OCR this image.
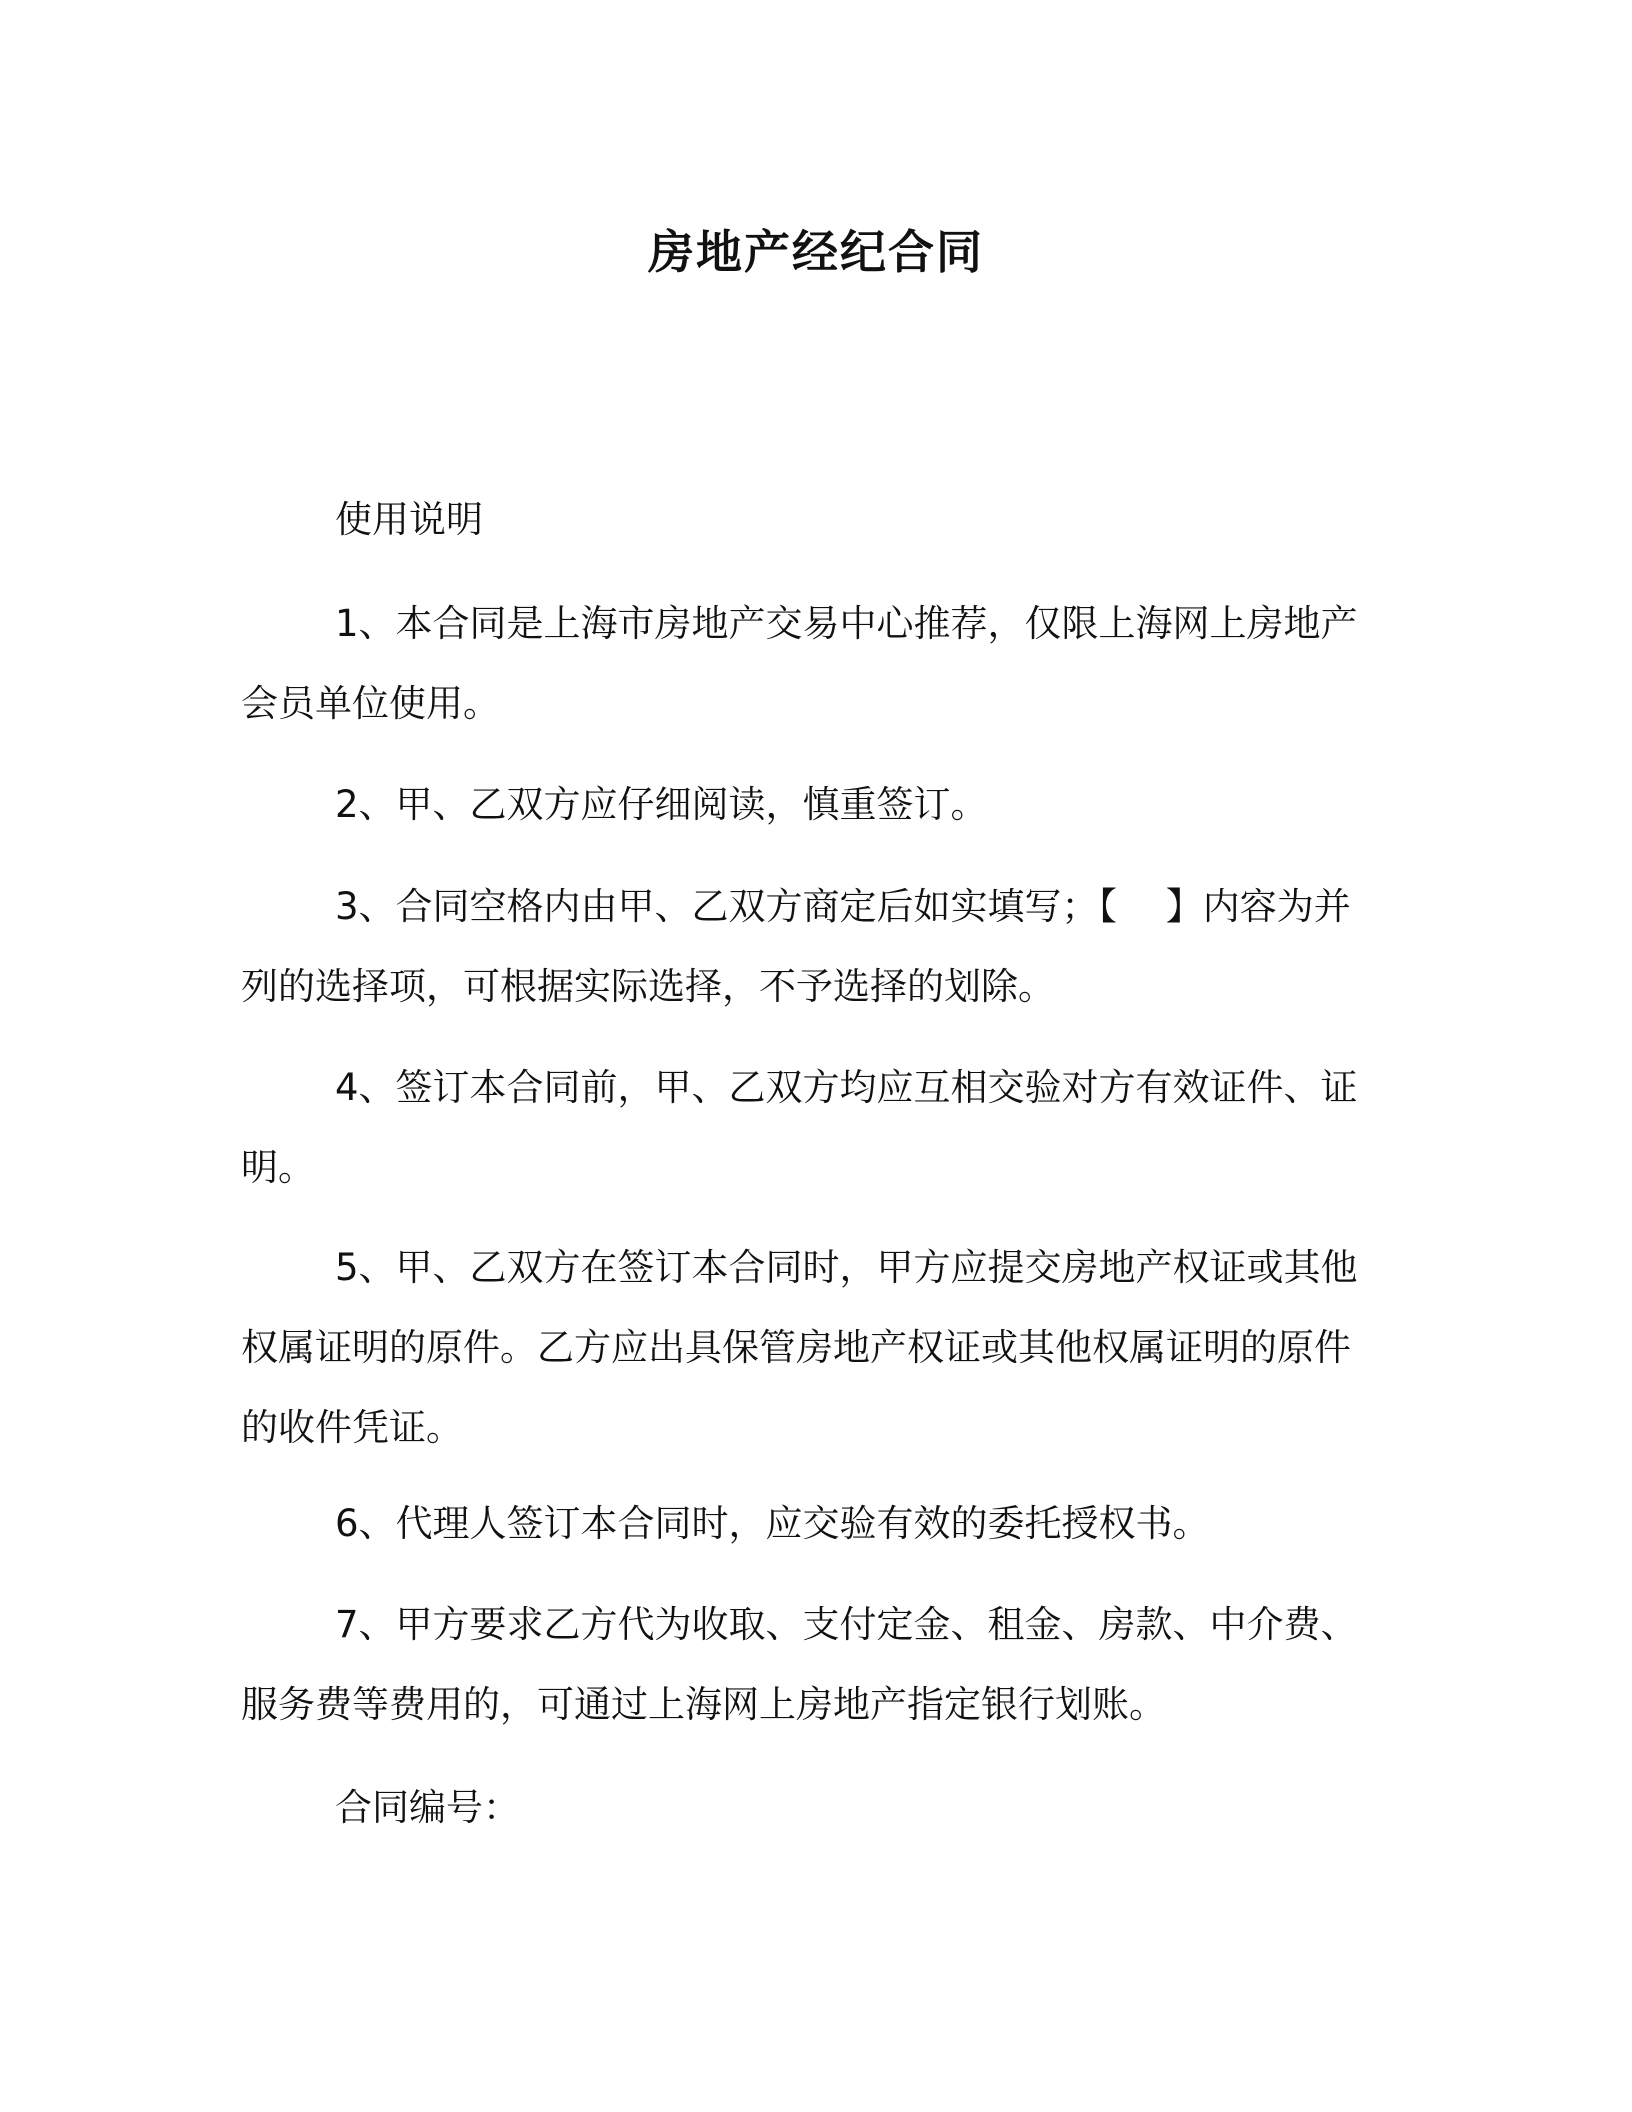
房地产经纪合同

使用说明

1、本合同是上海市房地产交易中心推荐，仅限上海网上房地产会员单位使用。

2、甲、乙双方应仔细阅读，慎重签订。

3、合同空格内由甲、乙双方商定后如实填写；【　 】内容为并列的选择项，可根据实际选择，不予选择的划除。

4、签订本合同前，甲、乙双方均应互相交验对方有效证件、证明。

5、甲、乙双方在签订本合同时，甲方应提交房地产权证或其他权属证明的原件。乙方应出具保管房地产权证或其他权属证明的原件的收件凭证。

6、代理人签订本合同时，应交验有效的委托授权书。

7、甲方要求乙方代为收取、支付定金、租金、房款、中介费、服务费等费用的，可通过上海网上房地产指定银行划账。

合同编号：
